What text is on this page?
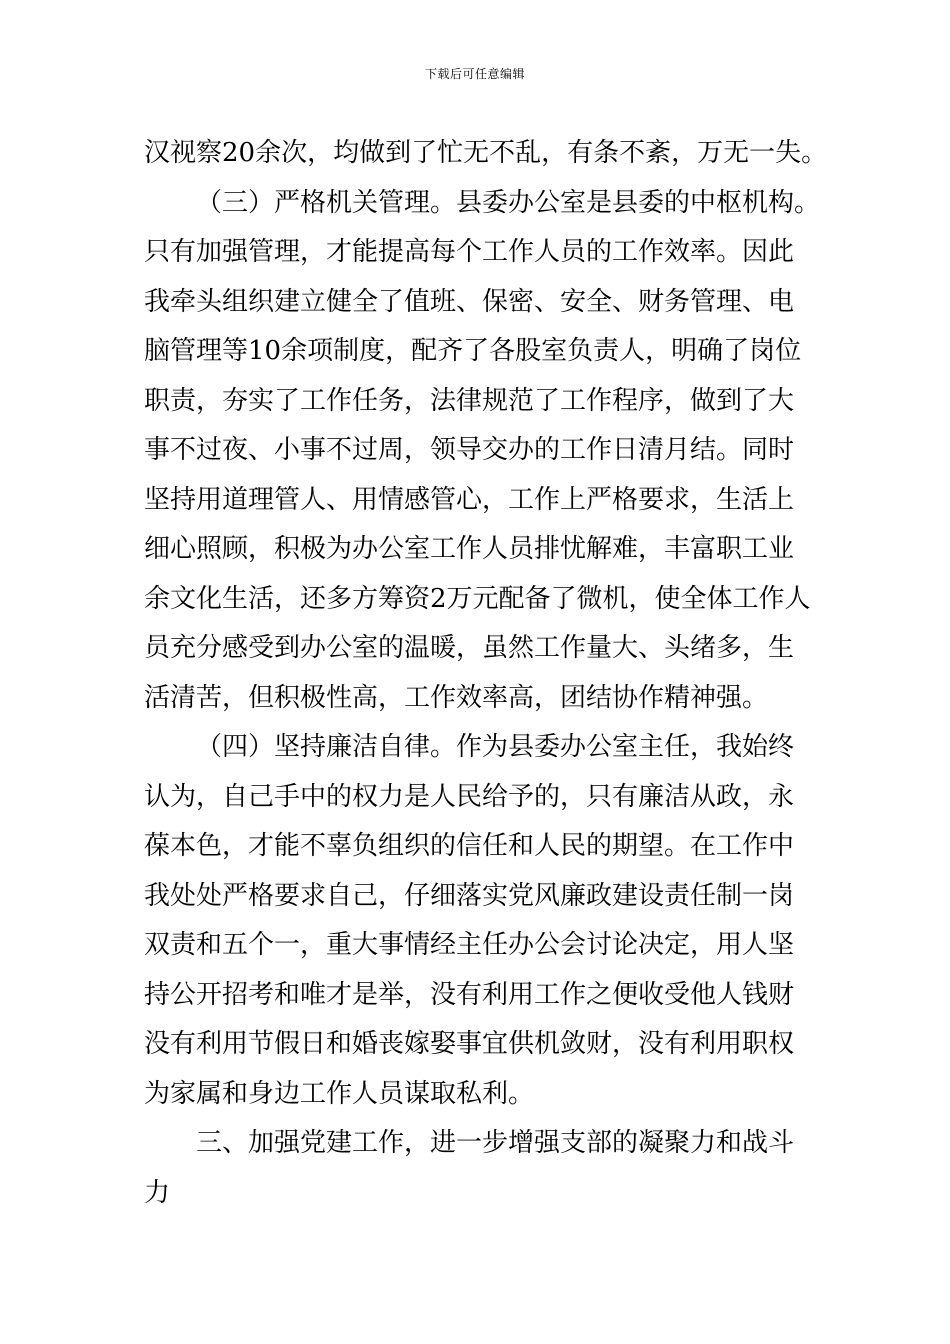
下载后可任意编辑
汉视察20余次，均做到了忙无不乱，有条不紊，万无一失。
（三）严格机关管理。县委办公室是县委的中枢机构。
只有加强管理，才能提高每个工作人员的工作效率。因此
我牵头组织建立健全了值班、保密、安全、财务管理、电
脑管理等10余项制度，配齐了各股室负责人，明确了岗位
职责，夯实了工作任务，法律规范了工作程序，做到了大
事不过夜、小事不过周，领导交办的工作日清月结。同时
坚持用道理管人、用情感管心，工作上严格要求，生活上
细心照顾，积极为办公室工作人员排忧解难，丰富职工业
余文化生活，还多方筹资2万元配备了微机，使全体工作人
员充分感受到办公室的温暖，虽然工作量大、头绪多，生
活清苦，但积极性高，工作效率高，团结协作精神强。
（四）坚持廉洁自律。作为县委办公室主任，我始终
认为，自己手中的权力是人民给予的，只有廉洁从政，永
葆本色，才能不辜负组织的信任和人民的期望。在工作中
我处处严格要求自己，仔细落实党风廉政建设责任制一岗
双责和五个一，重大事情经主任办公会讨论决定，用人坚
持公开招考和唯才是举，没有利用工作之便收受他人钱财
没有利用节假日和婚丧嫁娶事宜供机敛财，没有利用职权
为家属和身边工作人员谋取私利。
三、加强党建工作，进一步增强支部的凝聚力和战斗
力
